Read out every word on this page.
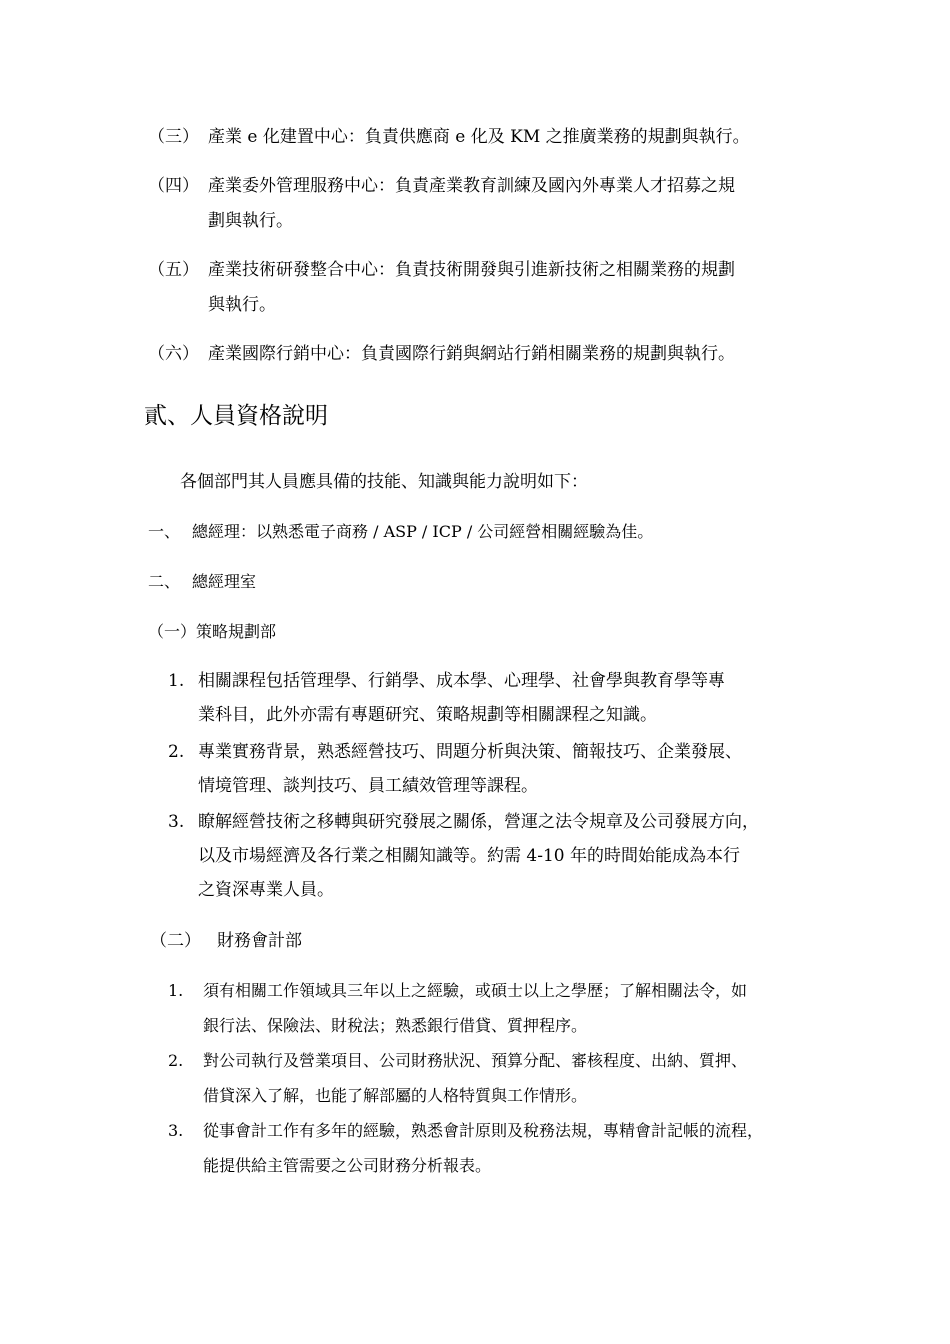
（三） 產業 e 化建置中心：負責供應商 e 化及 KM 之推廣業務的規劃與執行。
（四） 產業委外管理服務中心：負責產業教育訓練及國內外專業人才招募之規
劃與執行。
（五） 產業技術研發整合中心：負責技術開發與引進新技術之相關業務的規劃
與執行。
（六） 產業國際行銷中心：負責國際行銷與網站行銷相關業務的規劃與執行。
貳、人員資格說明
各個部門其人員應具備的技能、知識與能力說明如下：
一、 總經理：以熟悉電子商務 / ASP / ICP / 公司經營相關經驗為佳。
二、 總經理室
（一）策略規劃部
1. 相關課程包括管理學、行銷學、成本學、心理學、社會學與教育學等專
業科目，此外亦需有專題研究、策略規劃等相關課程之知識。
2. 專業實務背景，熟悉經營技巧、問題分析與決策、簡報技巧、企業發展、
情境管理、談判技巧、員工績效管理等課程。
3. 瞭解經營技術之移轉與研究發展之關係，營運之法令規章及公司發展方向，
以及市場經濟及各行業之相關知識等。約需 4-10 年的時間始能成為本行
之資深專業人員。
（二） 財務會計部
1. 須有相關工作領域具三年以上之經驗，或碩士以上之學歷；了解相關法令，如
銀行法、保險法、財稅法；熟悉銀行借貸、質押程序。
2. 對公司執行及營業項目、公司財務狀況、預算分配、審核程度、出納、質押、
借貸深入了解，也能了解部屬的人格特質與工作情形。
3. 從事會計工作有多年的經驗，熟悉會計原則及稅務法規，專精會計記帳的流程，
能提供給主管需要之公司財務分析報表。
